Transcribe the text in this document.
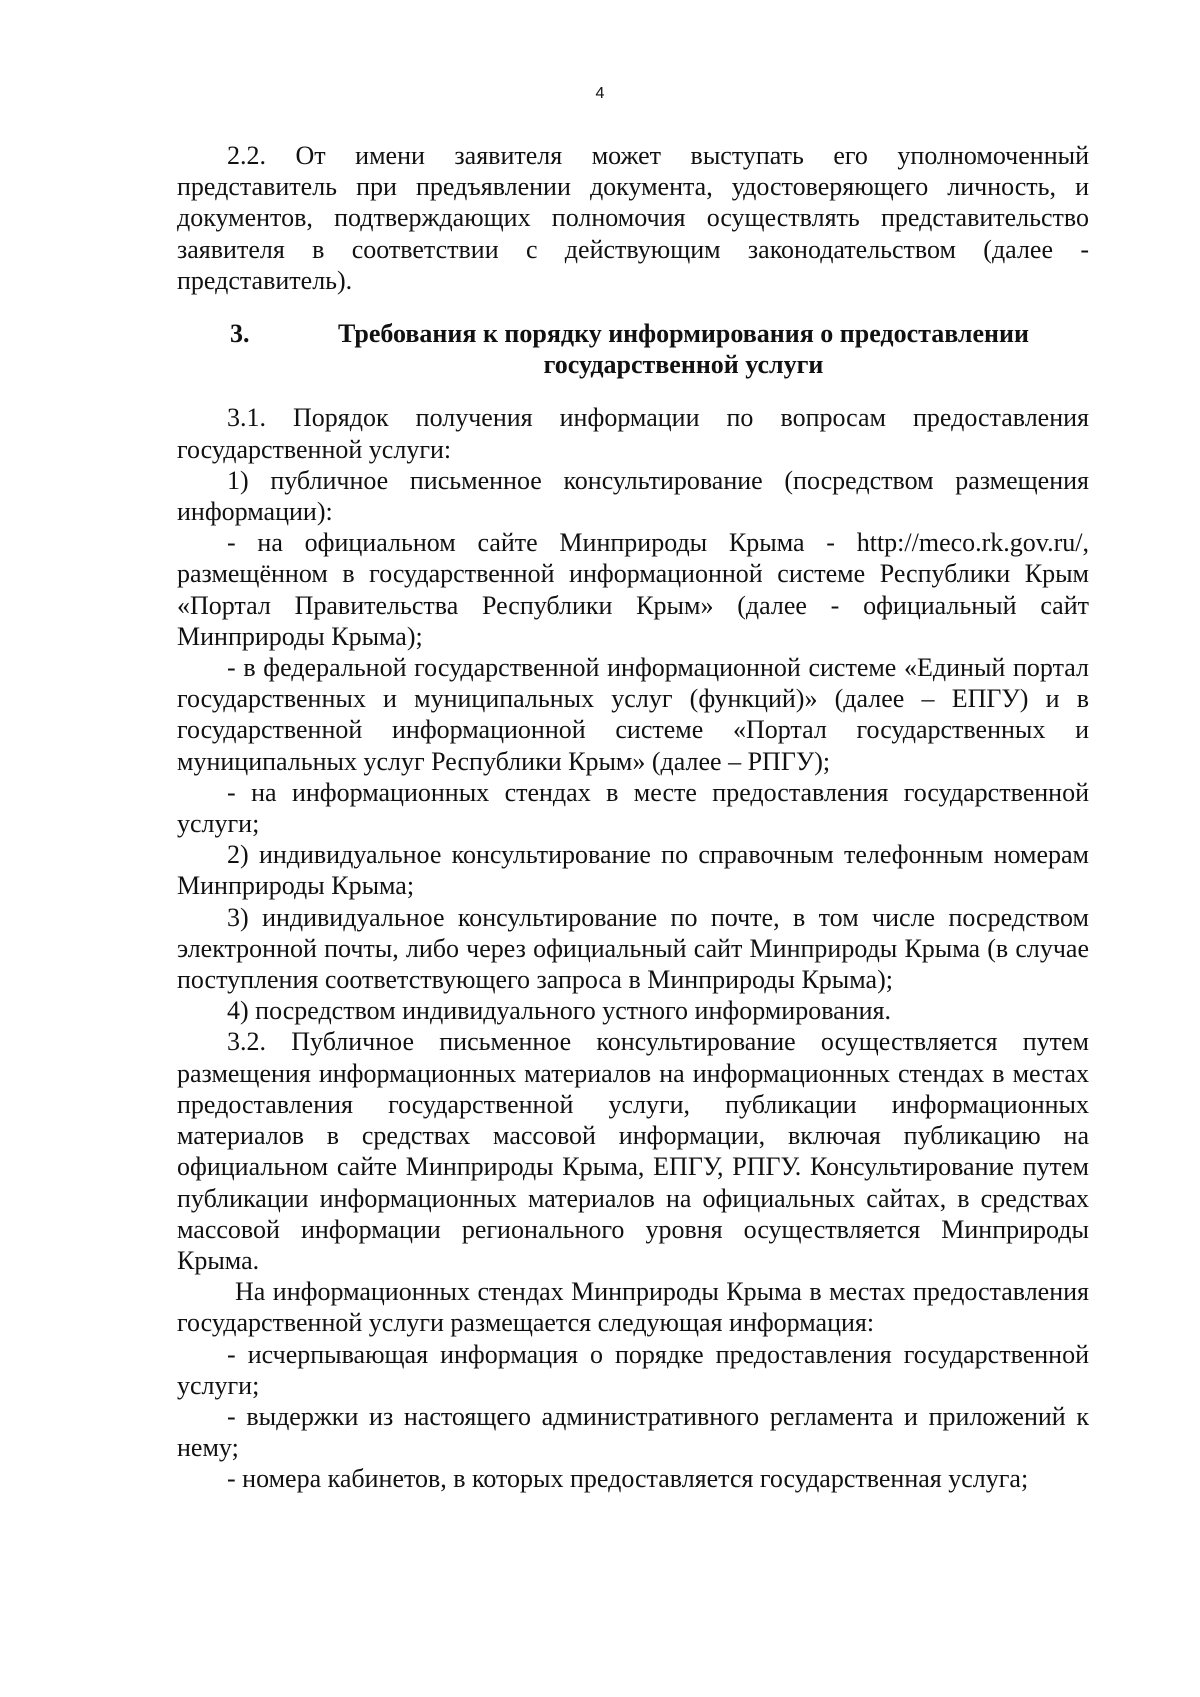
4

2.2. От имени заявителя может выступать его уполномоченный представитель при предъявлении документа, удостоверяющего личность, и документов, подтверждающих полномочия осуществлять представительство заявителя в соответствии с действующим законодательством (далее - представитель).

3.	Требования к порядку информирования о предоставлении государственной услуги

3.1. Порядок получения информации по вопросам предоставления государственной услуги:

1) публичное письменное консультирование (посредством размещения информации):

- на официальном сайте Минприроды Крыма - http://meco.rk.gov.ru/, размещённом в государственной информационной системе Республики Крым «Портал Правительства Республики Крым» (далее - официальный сайт Минприроды Крыма);

- в федеральной государственной информационной системе «Единый портал государственных и муниципальных услуг (функций)» (далее – ЕПГУ) и в государственной информационной системе «Портал государственных и муниципальных услуг Республики Крым» (далее – РПГУ);

- на информационных стендах в месте предоставления государственной услуги;

2) индивидуальное консультирование по справочным телефонным номерам Минприроды Крыма;

3) индивидуальное консультирование по почте, в том числе посредством электронной почты, либо через официальный сайт Минприроды Крыма (в случае поступления соответствующего запроса в Минприроды Крыма);

4) посредством индивидуального устного информирования.

3.2. Публичное письменное консультирование осуществляется путем размещения информационных материалов на информационных стендах в местах предоставления государственной услуги, публикации информационных материалов в средствах массовой информации, включая публикацию на официальном сайте Минприроды Крыма, ЕПГУ, РПГУ. Консультирование путем публикации информационных материалов на официальных сайтах, в средствах массовой информации регионального уровня осуществляется Минприроды Крыма.

На информационных стендах Минприроды Крыма в местах предоставления государственной услуги размещается следующая информация:

- исчерпывающая информация о порядке предоставления государственной услуги;

- выдержки из настоящего административного регламента и приложений к нему;

- номера кабинетов, в которых предоставляется государственная услуга;
